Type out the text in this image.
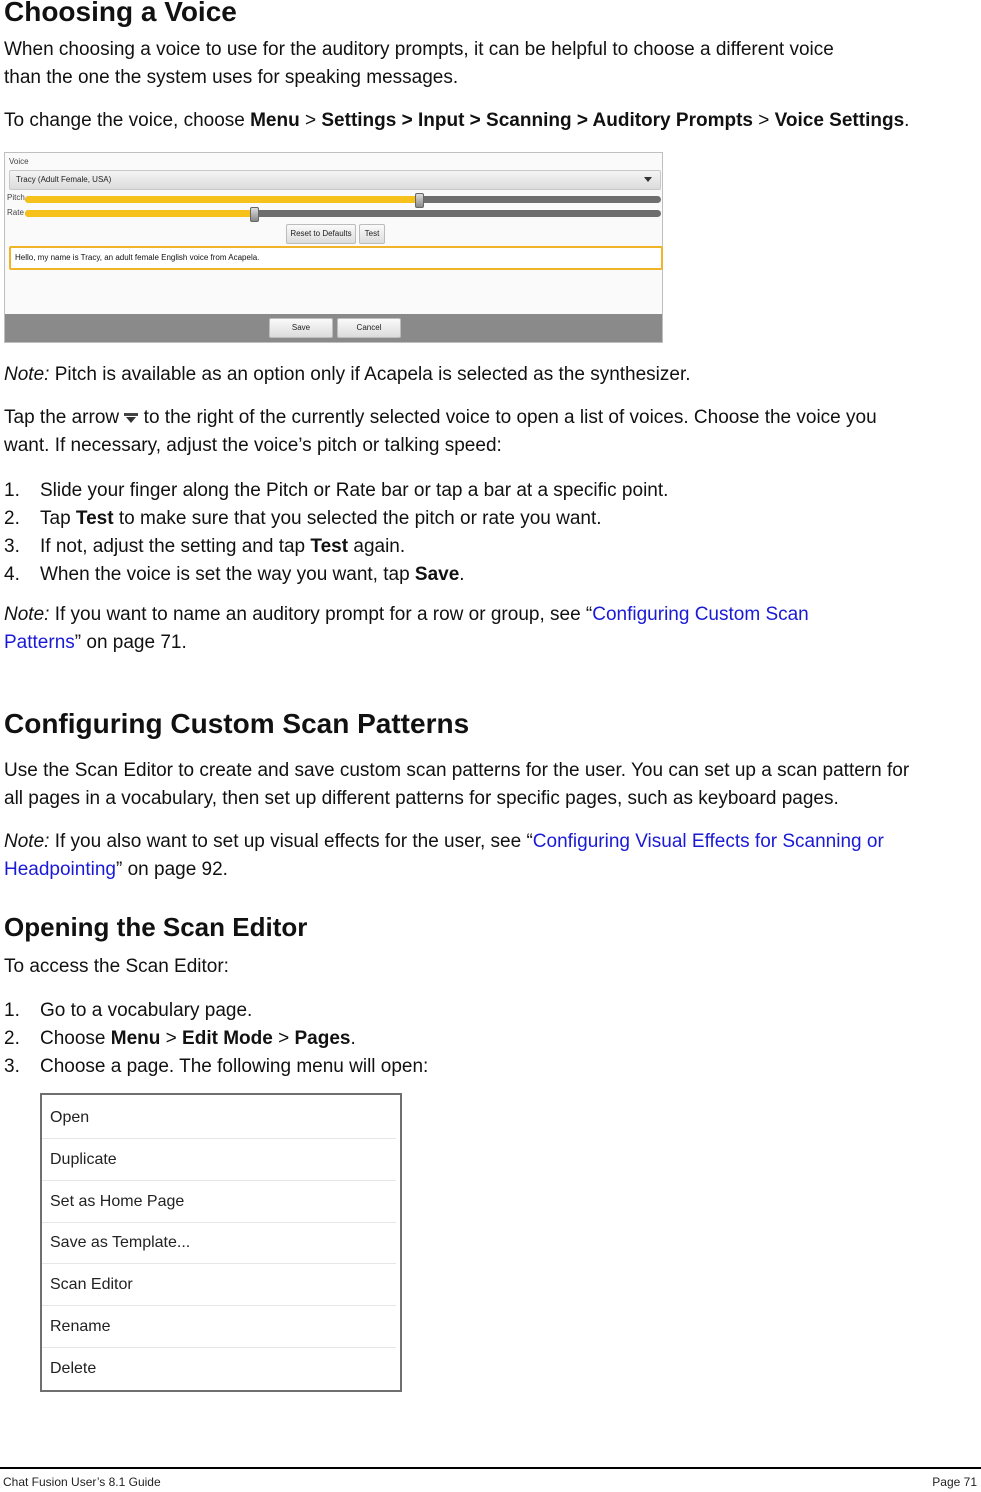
Choosing a Voice
When choosing a voice to use for the auditory prompts, it can be helpful to choose a different voice
than the one the system uses for speaking messages.
To change the voice, choose Menu > Settings > Input > Scanning > Auditory Prompts > Voice Settings.
Voice
Tracy (Adult Female, USA)
Pitch
Rate
Reset to Defaults	Test
Hello, my name is Tracy, an adult female English voice from Acapela.
Save	Cancel
Note: Pitch is available as an option only if Acapela is selected as the synthesizer.
Tap the arrow  to the right of the currently selected voice to open a list of voices. Choose the voice you
want. If necessary, adjust the voice’s pitch or talking speed:
1. Slide your finger along the Pitch or Rate bar or tap a bar at a specific point.
2. Tap Test to make sure that you selected the pitch or rate you want.
3. If not, adjust the setting and tap Test again.
4. When the voice is set the way you want, tap Save.
Note: If you want to name an auditory prompt for a row or group, see “Configuring Custom Scan
Patterns” on page 71.
Configuring Custom Scan Patterns
Use the Scan Editor to create and save custom scan patterns for the user. You can set up a scan pattern for
all pages in a vocabulary, then set up different patterns for specific pages, such as keyboard pages.
Note: If you also want to set up visual effects for the user, see “Configuring Visual Effects for Scanning or
Headpointing” on page 92.
Opening the Scan Editor
To access the Scan Editor:
1. Go to a vocabulary page.
2. Choose Menu > Edit Mode > Pages.
3. Choose a page. The following menu will open:
Open
Duplicate
Set as Home Page
Save as Template...
Scan Editor
Rename
Delete
Chat Fusion User’s 8.1 Guide	Page 71
